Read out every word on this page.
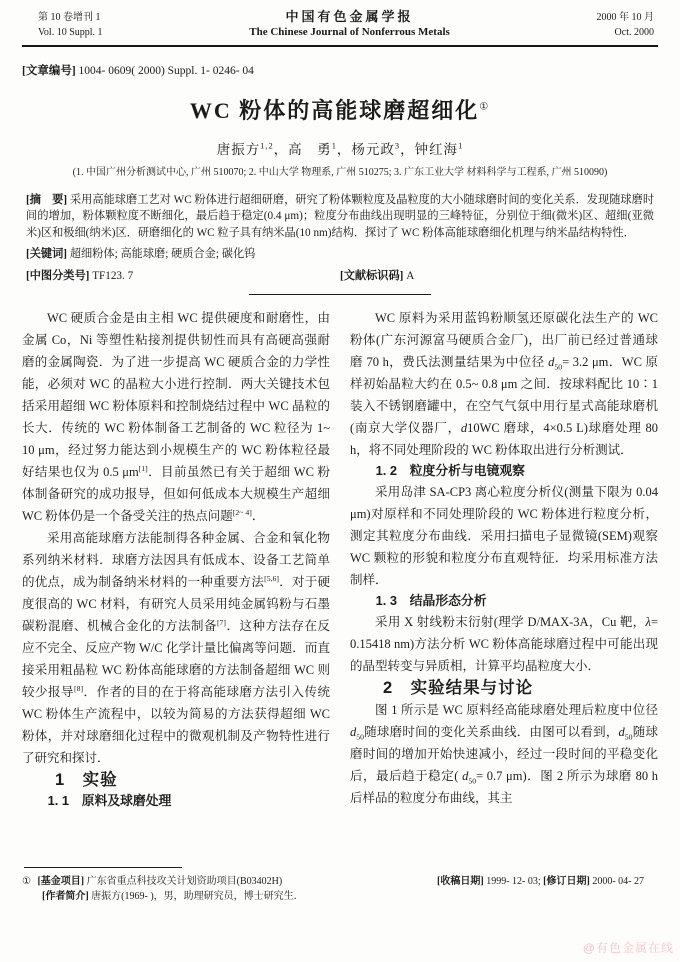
第 10 卷增刊 1
Vol. 10 Suppl. 1
中国有色金属学报
The Chinese Journal of Nonferrous Metals
2000 年 10 月
Oct. 2000
[文章编号] 1004- 0609( 2000) Suppl. 1- 0246- 04
WC 粉体的高能球磨超细化①
唐振方$^{1,2}$，高　勇$^1$，杨元政$^3$，钟红海$^1$
(1. 中国广州分析测试中心, 广州 510070; 2. 中山大学 物理系, 广州 510275; 3. 广东工业大学 材料科学与工程系, 广州 510090)
[摘　要] 采用高能球磨工艺对 WC 粉体进行超细研磨，研究了粉体颗粒度及晶粒度的大小随球磨时间的变化关系．发现随球磨时间的增加，粉体颗粒度不断细化，最后趋于稳定(0.4 μm)；粒度分布曲线出现明显的三峰特征，分别位于细(微米)区、超细(亚微米)区和极细(纳米)区．研磨细化的 WC 粒子具有纳米晶(10 nm)结构．探讨了 WC 粉体高能球磨细化机理与纳米晶结构特性．
[关键词] 超细粉体; 高能球磨; 硬质合金; 碳化钨
[中图分类号] TF123. 7	[文献标识码] A

WC 硬质合金是由主相 WC 提供硬度和耐磨性，由金属 Co，Ni 等塑性粘接剂提供韧性而具有高硬高强耐磨的金属陶瓷．为了进一步提高 WC 硬质合金的力学性能，必须对 WC 的晶粒大小进行控制．两大关键技术包括采用超细 WC 粉体原料和控制烧结过程中 WC 晶粒的长大．传统的 WC 粉体制备工艺制备的 WC 粒径为 1~ 10 μm，经过努力能达到小规模生产的 WC 粉体粒径最好结果也仅为 0.5 μm[1]．目前虽然已有关于超细 WC 粉体制备研究的成功报导，但如何低成本大规模生产超细 WC 粉体仍是一个备受关注的热点问题[2~ 4]．

采用高能球磨方法能制得各种金属、合金和氧化物系列纳米材料．球磨方法因具有低成本、设备工艺简单的优点，成为制备纳米材料的一种重要方法[5,6]．对于硬度很高的 WC 材料，有研究人员采用纯金属钨粉与石墨碳粉混磨、机械合金化的方法制备[7]．这种方法存在反应不完全、反应产物 W/C 化学计量比偏离等问题．而直接采用粗晶粒 WC 粉体高能球磨的方法制备超细 WC 则较少报导[8]．作者的目的在于将高能球磨方法引入传统 WC 粉体生产流程中，以较为简易的方法获得超细 WC 粉体，并对球磨细化过程中的微观机制及产物特性进行了研究和探讨．

1　实验

1. 1　原料及球磨处理

WC 原料为采用蓝钨粉顺氢还原碳化法生产的 WC 粉体(广东河源富马硬质合金厂)，出厂前已经过普通球磨 70 h，费氏法测量结果为中位径 $d_{50}= 3.2$ μm．WC 原样初始晶粒大约在 0.5~ 0.8 μm 之间．按球料配比 10∶1 装入不锈钢磨罐中，在空气气氛中用行星式高能球磨机(南京大学仪器厂，d10WC 磨球，4×0.5 L)球磨处理 80 h，将不同处理阶段的 WC 粉体取出进行分析测试．

1. 2　粒度分析与电镜观察

采用岛津 SA-CP3 离心粒度分析仪(测量下限为 0.04 μm)对原样和不同处理阶段的 WC 粉体进行粒度分析，测定其粒度分布曲线．采用扫描电子显微镜(SEM)观察 WC 颗粒的形貌和粒度分布直观特征．均采用标准方法制样．

1. 3　结晶形态分析

采用 X 射线粉末衍射(理学 D/MAX-3A，Cu 靶，λ= 0.15418 nm)方法分析 WC 粉体高能球磨过程中可能出现的晶型转变与异质相，计算平均晶粒度大小．

2　实验结果与讨论

图 1 所示是 WC 原料经高能球磨处理后粒度中位径 $d_{50}$随球磨时间的变化关系曲线．由图可以看到，$d_{50}$随球磨时间的增加开始快速减小，经过一段时间的平稳变化后，最后趋于稳定( $d_{50}= 0.7$ μm)．图 2 所示为球磨 80 h 后样品的粒度分布曲线，其主

① [基金项目] 广东省重点科技攻关计划资助项目(B03402H)	[收稿日期] 1999- 12- 03; [修订日期] 2000- 04- 27
[作者简介] 唐振方(1969- )，男，助理研究员，博士研究生．
@有色金属在线
